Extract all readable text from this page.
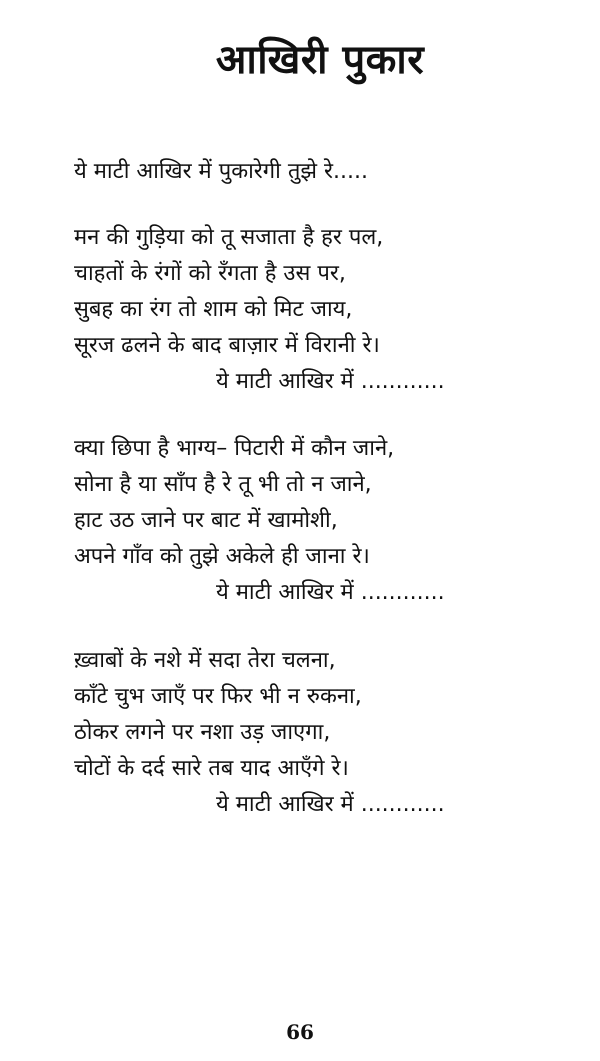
आखिरी पुकार
ये माटी आखिर में पुकारेगी तुझे रे.....
मन की गुड़िया को तू सजाता है हर पल,
चाहतों के रंगों को रँगता है उस पर,
सुबह का रंग तो शाम को मिट जाय,
सूरज ढलने के बाद बाज़ार में विरानी रे।
ये माटी आखिर में ............
क्या छिपा है भाग्य– पिटारी में कौन जाने,
सोना है या साँप है रे तू भी तो न जाने,
हाट उठ जाने पर बाट में खामोशी,
अपने गाँव को तुझे अकेले ही जाना रे।
ये माटी आखिर में ............
ख़्वाबों के नशे में सदा तेरा चलना,
काँटे चुभ जाएँ पर फिर भी न रुकना,
ठोकर लगने पर नशा उड़ जाएगा,
चोटों के दर्द सारे तब याद आएँगे रे।
ये माटी आखिर में ............
66
